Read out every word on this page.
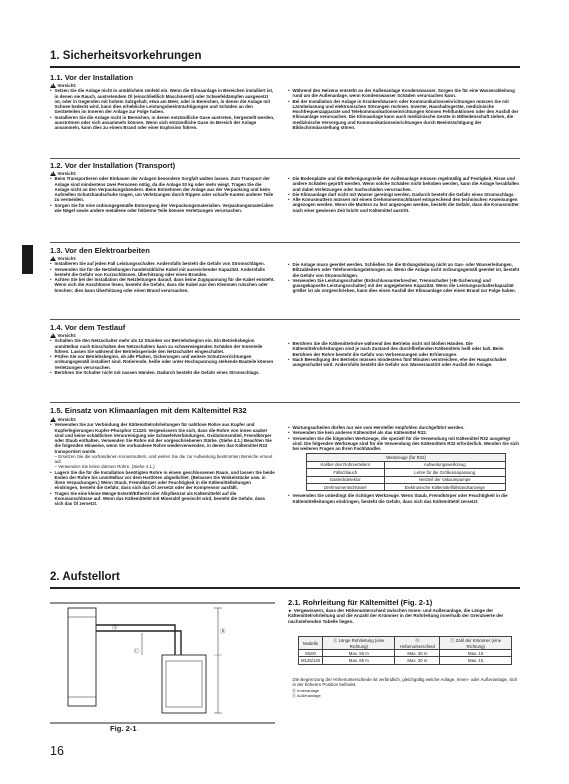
1. Sicherheitsvorkehrungen
1.1. Vor der Installation
!
Vorsicht:
• Setzen Sie die Anlage nicht in unüblichem Umfeld ein. Wenn die Klimaanlage in Bereichen installiert ist, in denen sie Rauch, austretendem Öl (einschließlich Maschinenöl) oder Schwefeldämpfen ausgesetzt ist, oder in Gegenden mit hohem Salzgehalt, etwa am Meer, oder in Bereichen, in denen die Anlage mit Schnee bedeckt wird, kann dies erhebliche Leistungsbeeinträchtigungen und Schäden an den Geräteteilen im Inneren der Anlage zur Folge haben.
• Installieren Sie die Anlage nicht in Bereichen, in denen entzündliche Gase austreten, hergestellt werden, ausströmen oder sich ansammeln können. Wenn sich entzündliche Gase im Bereich der Anlage ansammeln, kann dies zu einem Brand oder einer Explosion führen.
• Während des Heizens entsteht an der Außenanlage Kondenswasser. Sorgen Sie für eine Wasserableitung rund um die Außenanlage, wenn Kondenswasser Schäden verursachen kann.
• Bei der Installation der Anlage in Krankenhäusern oder Kommunikationseinrichtungen müssen Sie mit Lärmbelastung und elektronischen Störungen rechnen. Inverter, Haushaltsgeräte, medizinische Hochfrequenzapparate und Telekommunikationseinrichtungen können Fehlfunktionen oder den Ausfall der Klimaanlage verursachen. Die Klimaanlage kann auch medizinische Geräte in Mitleidenschaft ziehen, die medizinische Versorgung und Kommunikationseinrichtungen durch Beeinträchtigung der Bildschirmdarstellung stören.
1.2. Vor der Installation (Transport)
!
Vorsicht:
• Beim Transportieren oder Einbauen der Anlagen besondere Sorgfalt walten lassen. Zum Transport der Anlage sind mindestens zwei Personen nötig, da die Anlage 20 kg oder mehr wiegt. Tragen Sie die Anlage nicht an den Verpackungsbändern. Beim Entnehmen der Anlage aus der Verpackung und beim Aufstellen Schutzhandschuhe tragen, um Verletzungen durch Rippen oder scharfe Kanten anderer Teile zu vermeiden.
• Sorgen Sie für eine ordnungsgemäße Entsorgung der Verpackungsmaterialien. Verpackungsmaterialien wie Nägel sowie andere metallene oder hölzerne Teile können Verletzungen verursachen.
• Die Bodenplatte und die Befestigungsteile der Außenanlage müssen regelmäßig auf Festigkeit, Risse und andere Schäden geprüft werden. Wenn solche Schäden nicht behoben werden, kann die Anlage herabfallen und dabei Verletzungen oder Sachschäden verursachen.
• Die Klimaanlage darf nicht mit Wasser gereinigt werden. Dadurch besteht die Gefahr eines Stromschlags.
• Alle Konusmuttern müssen mit einem Drehmomentschlüssel entsprechend den technischen Anweisungen angezogen werden. Wenn die Muttern zu fest angezogen werden, besteht die Gefahr, dass die Konusmutter nach einer gewissen Zeit bricht und Kältemittel austritt.
1.3. Vor den Elektroarbeiten
!
Vorsicht:
• Installieren Sie auf jeden Fall Leistungsschalter. Andernfalls besteht die Gefahr von Stromschlägen.
• Verwenden Sie für die Netzleitungen handelsübliche Kabel mit ausreichender Kapazität. Andernfalls besteht die Gefahr von Kurzschlüssen, Überhitzung oder eines Brandes.
• Achten Sie bei der Installation der Netzleitungen darauf, dass keine Zugspannung für die Kabel entsteht. Wenn sich die Anschlüsse lösen, besteht die Gefahr, dass die Kabel aus den Klemmen rutschen oder brechen; dies kann Überhitzung oder einen Brand verursachen.
• Die Anlage muss geerdet werden. Schließen Sie die Erdungsleitung nicht an Gas- oder Wasserleitungen, Blitzableitern oder Telefonerdungsleitungen an. Wenn die Anlage nicht ordnungsgemäß geerdet ist, besteht die Gefahr von Stromschlägen.
• Verwenden Sie Leistungsschalter (Erdschlussunterbrecher, Trennschalter (+B-Sicherung) und gussgekapselte Leistungsschalter) mit der angegebenen Kapazität. Wenn die Leistungsschalterkapazität größer ist als vorgeschrieben, kann dies einen Ausfall der Klimaanlage oder einen Brand zur Folge haben.
1.4. Vor dem Testlauf
!
Vorsicht:
• Schalten Sie den Netzschalter mehr als 12 Stunden vor Betriebsbeginn ein. Ein Betriebsbeginn unmittelbar nach Einschalten des Netzschalters kann zu schwerwiegenden Schäden der Innenteile führen. Lassen Sie während der Betriebsperiode den Netzschalter eingeschaltet.
• Prüfen Sie vor Betriebsbeginn, ob alle Platten, Sicherungen und weitere Schutzvorrichtungen ordnungsgemäß installiert sind. Rotierende, heiße oder unter Hochspannung stehende Bauteile können Verletzungen verursachen.
• Berühren Sie Schalter nicht mit nassen Händen. Dadurch besteht die Gefahr eines Stromschlags.
• Berühren Sie die Kältemittelrohre während des Betriebs nicht mit bloßen Händen. Die Kältemittelrohrleitungen sind je nach Zustand des durchfließenden Kältemittels heiß oder kalt. Beim Berühren der Rohre besteht die Gefahr von Verbrennungen oder Erfrierungen.
• Nach Beendigung des Betriebs müssen mindestens fünf Minuten verstreichen, ehe der Hauptschalter ausgeschaltet wird. Andernfalls besteht die Gefahr von Wasseraustritt oder Ausfall der Anlage.
1.5. Einsatz von Klimaanlagen mit dem Kältemittel R32
!
Vorsicht:
• Verwenden Sie zur Verbindung der Kältemittelrohrleitungen für nahtlose Rohre aus Kupfer und Kupferlegierungen Kupfer-Phosphor C1220. Vergewissern Sie sich, dass die Rohre von innen sauber sind und keine schädlichen Verunreinigung wie Schwefelverbindungen, Oxidationsmittel, Fremdkörper oder Staub enthalten. Verwenden Sie Rohre mit der vorgeschriebenen Stärke. (Siehe 4.1.) Beachten Sie die folgenden Hinweise, wenn Sie vorhandene Rohre wiederverwenden, in denen das Kältemittel R22 transportiert wurde.
– Ersetzen Sie die vorhandenen Konusmuttern, und weiten Sie die zur Aufweitung bestimmten Bereiche erneut auf.
– Verwenden Sie keine dünnen Rohre. (Siehe 4.1.)
• Lagern Sie die für die Installation benötigten Rohre in einem geschlossenen Raum, und lassen Sie beide Enden der Rohre bis unmittelbar vor dem Hartlöten abgedichtet. (Belassen Sie Winkelstücke usw. in ihren Verpackungen.) Wenn Staub, Fremdkörper oder Feuchtigkeit in die Kältemittelleitungen eindringen, besteht die Gefahr, dass sich das Öl zersetzt oder der Kompressor ausfällt.
• Tragen Sie eine kleine Menge Esteröl/Etheröl oder Alkylbenzol als Kältemittelöl auf die Konusanschlüsse auf. Wenn das Kältemittelöl mit Mineralöl gemischt wird, besteht die Gefahr, dass sich das Öl zersetzt.
• Wartungsarbeiten dürfen nur wie vom Hersteller empfohlen durchgeführt werden.
• Verwenden Sie kein anderes Kältemittel als das Kältemittel R32.
• Verwenden Sie die folgenden Werkzeuge, die speziell für die Verwendung mit Kältemittel R32 ausgelegt sind. Die folgenden Werkzeuge sind für die Verwendung des Kältemittels R32 erforderlich. Wenden Sie sich bei weiteren Fragen an Ihren Fachhändler.
Werkzeuge (für R32)	
Kaliber des Rohrverteilers	Aufweitungswerkzeug
Füllschlauch	Lehre für die Größenanpassung
Gasleckdetektor	Netzteil der Vakuumpumpe
Drehmomentschlüssel	Elektronische Kältemittelfüllstandsanzeige
• Verwenden Sie unbedingt die richtigen Werkzeuge. Wenn Staub, Fremdkörper oder Feuchtigkeit in die Kältemittelleitungen eindringen, besteht die Gefahr, dass sich das Kältemittelöl zersetzt.
2. Aufstellort
Ⓐ
Ⓑ
Ⓒ
Fig. 2-1
2.1. Rohrleitung für Kältemittel (Fig. 2-1)
► Vergewissern, dass der Höhenunterschied zwischen Innen- und Außenanlage, die Länge der Kältemittelrohrleitung und die Anzahl der Krümmer in der Rohrleitung innerhalb der Grenzwerte der nachstehenden Tabelle liegen.
Modelle	Ⓐ Länge Rohrleitung (eine Richtung)	Ⓑ Höhenunterschied	Ⓒ Zahl der Krümmer (eine Richtung)
M100	Max. 55 m	Max. 30 m	Max. 15
M125/140	Max. 65 m	Max. 30 m	Max. 15
Die Begrenzung der Höhenunterschiede ist verbindlich, gleichgültig welche Anlage, Innen- oder Außenanlage, sich in der höheren Position befindet.
Ⓓ Innenanlage
Ⓔ Außenanlage
16
